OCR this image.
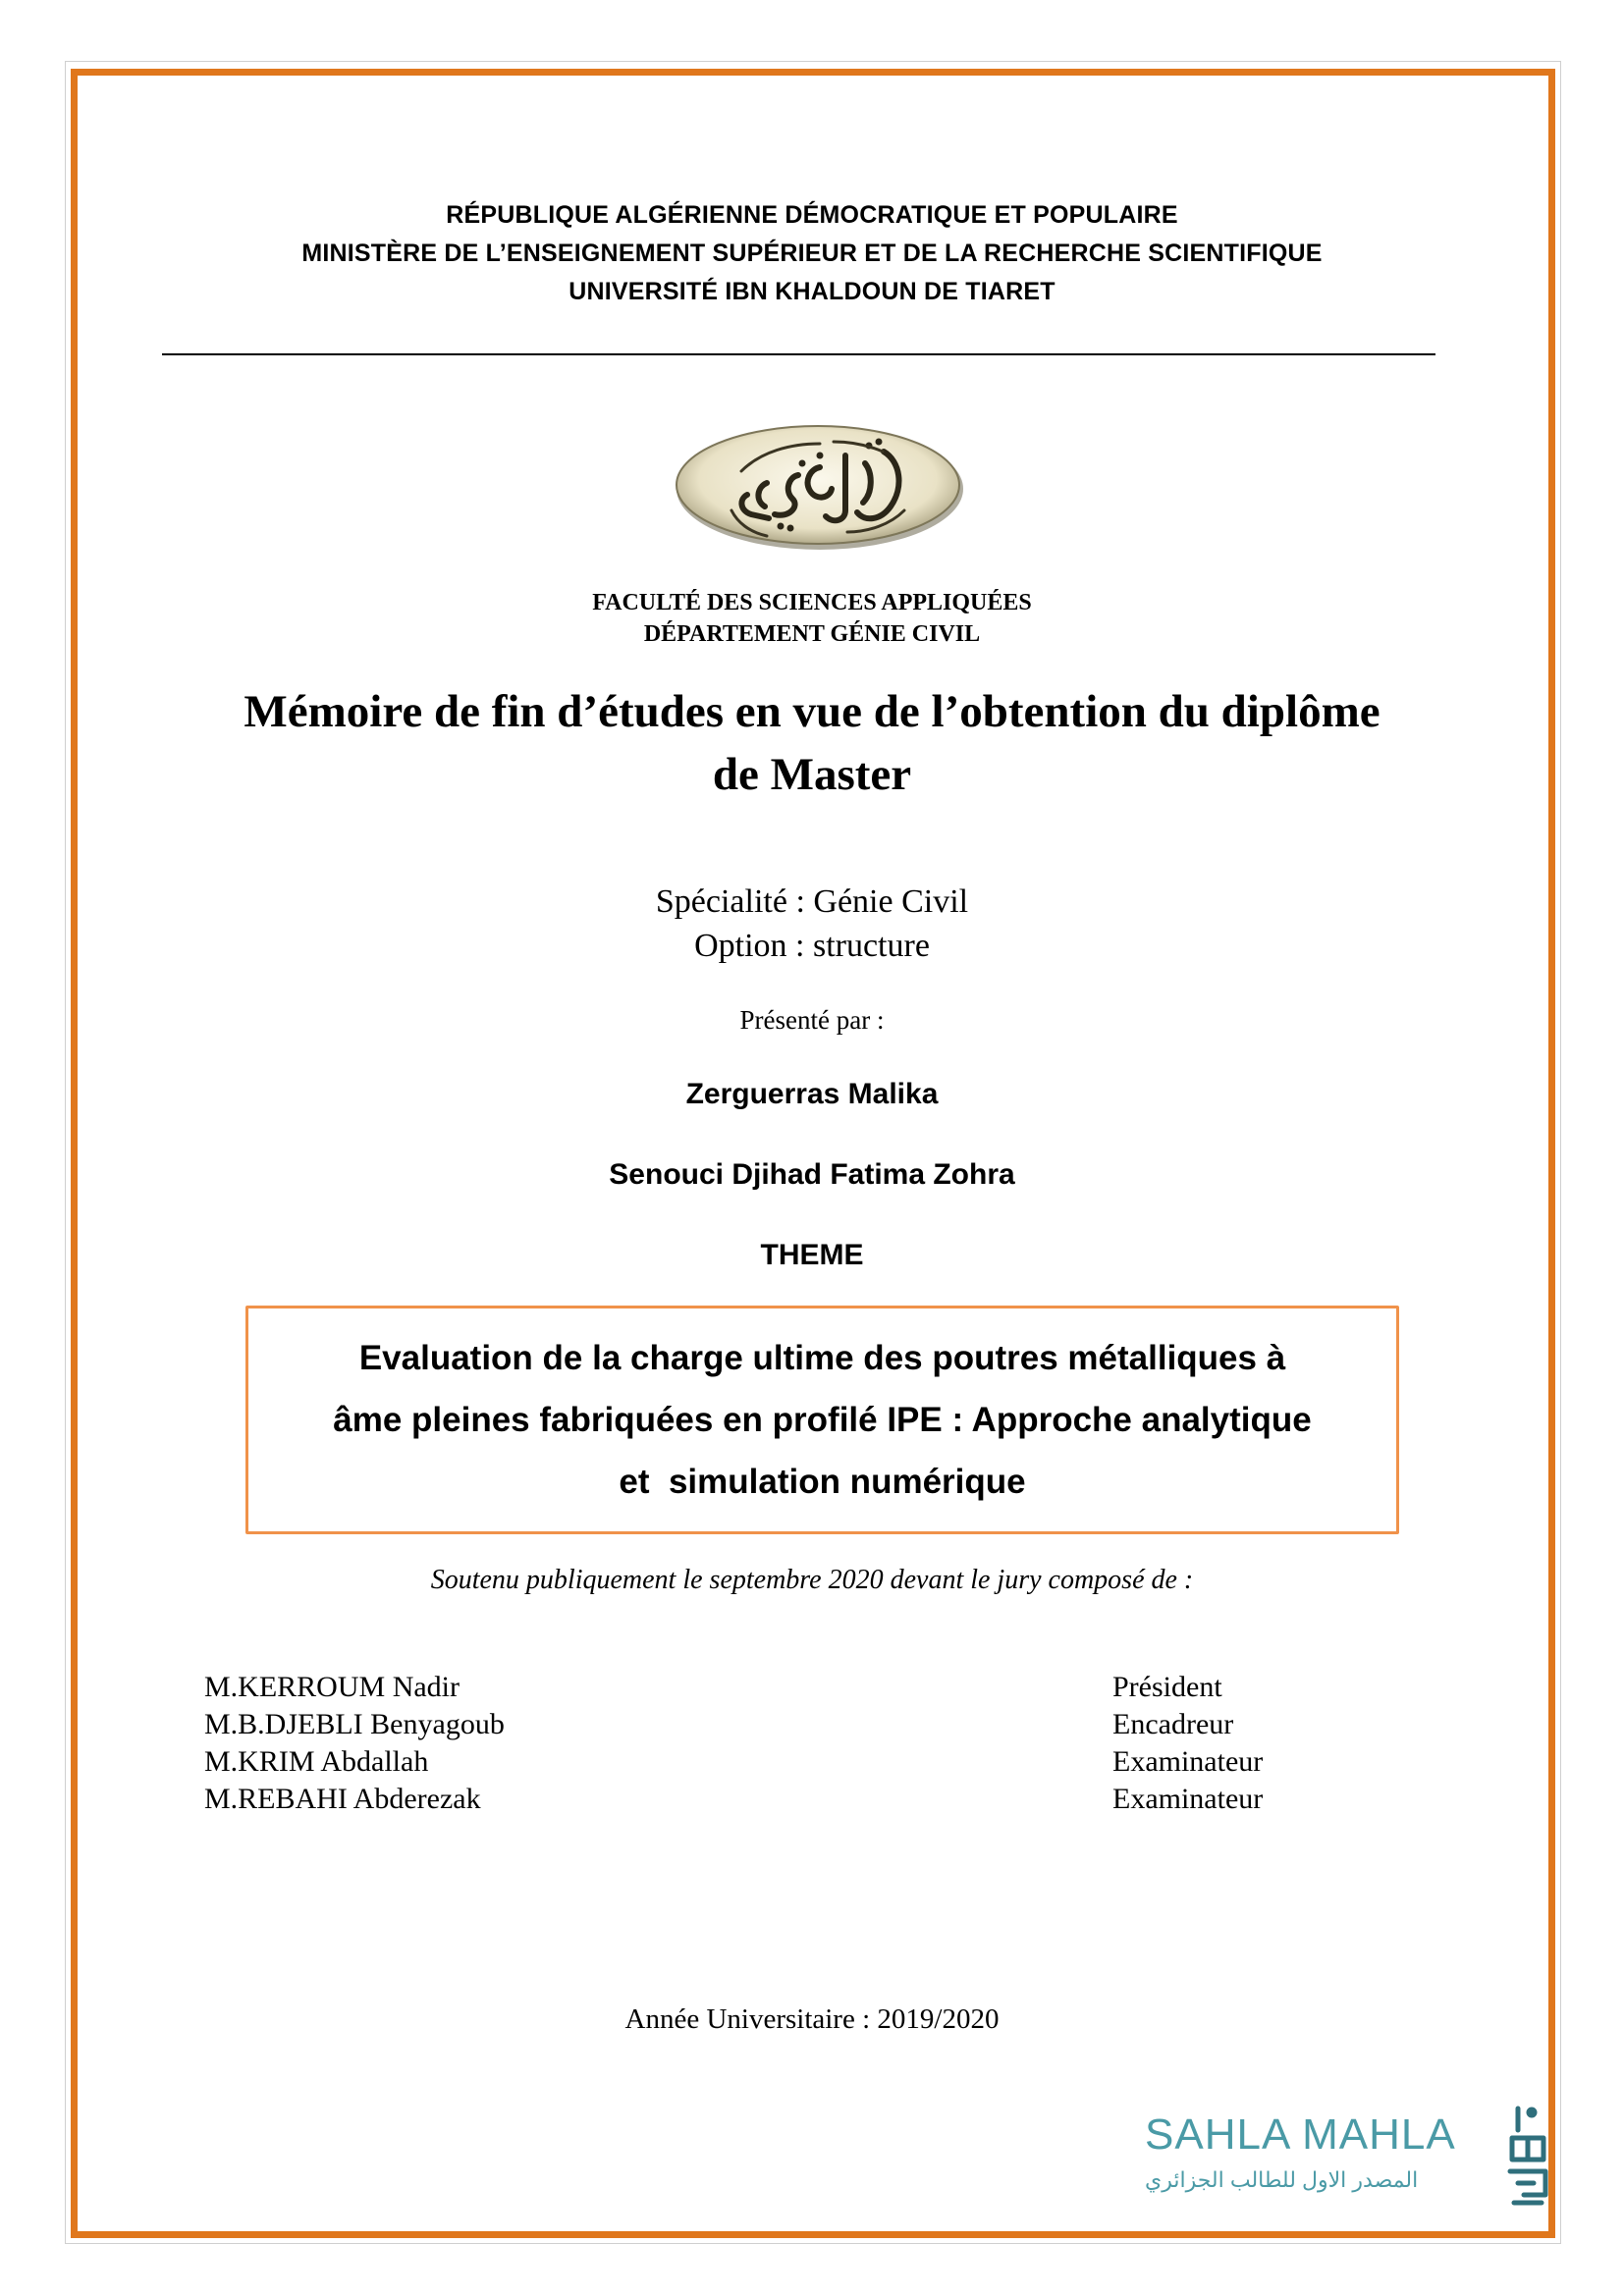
RÉPUBLIQUE ALGÉRIENNE DÉMOCRATIQUE ET POPULAIRE
MINISTÈRE DE L’ENSEIGNEMENT SUPÉRIEUR ET DE LA RECHERCHE SCIENTIFIQUE
UNIVERSITÉ IBN KHALDOUN DE TIARET
FACULTÉ DES SCIENCES APPLIQUÉES
DÉPARTEMENT GÉNIE CIVIL
Mémoire de fin d’études en vue de l’obtention du diplôme
de Master
Spécialité : Génie Civil
Option : structure
Présenté par :
Zerguerras Malika
Senouci Djihad Fatima Zohra
THEME
Evaluation de la charge ultime des poutres métalliques à
âme pleines fabriquées en profilé IPE : Approche analytique
et  simulation numérique
Soutenu publiquement le septembre 2020 devant le jury composé de :
M.KERROUM Nadir	Président
M.B.DJEBLI Benyagoub	Encadreur
M.KRIM Abdallah	Examinateur
M.REBAHI Abderezak	Examinateur
Année Universitaire : 2019/2020
SAHLA MAHLA
المصدر الاول للطالب الجزائري
